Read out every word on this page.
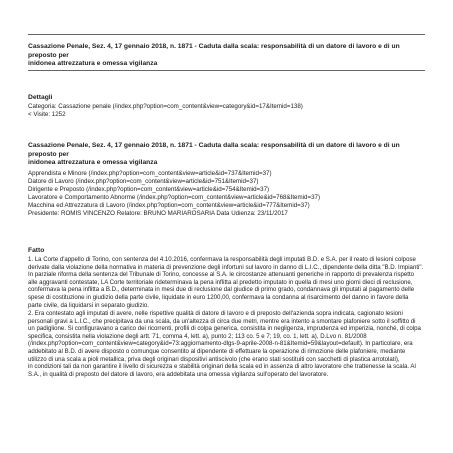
Cassazione Penale, Sez. 4, 17 gennaio 2018, n. 1871 - Caduta dalla scala: responsabilità di un datore di lavoro e di un preposto per
inidonea attrezzatura e omessa vigilanza
Dettagli
Categoria: Cassazione penale (/index.php?option=com_content&view=category&id=17&Itemid=138)
< Visite: 1252
Cassazione Penale, Sez. 4, 17 gennaio 2018, n. 1871 - Caduta dalla scala: responsabilità di un datore di lavoro e di un preposto per
inidonea attrezzatura e omessa vigilanza
Apprendista e Minore (/index.php?option=com_content&view=article&id=737&Itemid=37)
Datore di Lavoro (/index.php?option=com_content&view=article&id=751&Itemid=37)
Dirigente e Preposto (/index.php?option=com_content&view=article&id=754&Itemid=37)
Lavoratore e Comportamento Abnorme (/index.php?option=com_content&view=article&id=768&Itemid=37)
Macchina ed Attrezzatura di Lavoro (/index.php?option=com_content&view=article&id=777&Itemid=37)
Presidente: ROMIS VINCENZO Relatore: BRUNO MARIAROSARIA Data Udienza: 23/11/2017
Fatto
1. La Corte d'appello di Torino, con sentenza del 4.10.2016, confermava la responsabilità degli imputati B.D. e S.A. per il reato di lesioni colpose
derivate dalla violazione della normativa in materia di prevenzione degli infortuni sul lavoro in danno di L.I.C., dipendente della ditta "B.D. Impianti".
In parziale riforma della sentenza del Tribunale di Torino, concesse al S.A. le circostanze attenuanti generiche in rapporto di prevalenza rispetto
alle aggravanti contestate, LA Corte territoriale rideterminava la pena inflitta al predetto imputato in quella di mesi uno giorni dieci di reclusione,
confermava la pena inflitta a B.D., determinata in mesi due di reclusione dal giudice di primo grado, condannava gli imputati al pagamento delle
spese di costituzione in giudizio della parte civile, liquidate in euro 1200,00, confermava la condanna al risarcimento del danno in favore della
parte civile, da liquidarsi in separato giudizio.
2. Era contestato agli imputati di avere, nelle rispettive qualità di datore di lavoro e di preposto dell'azienda sopra indicata, cagionato lesioni
personali gravi a L.I.C., che precipitava da una scala, da un'altezza di circa due metri, mentre era intento a smontare plafoniere sotto il soffitto di
un padiglione. Si configuravano a carico dei ricorrenti, profili di colpa generica, consistita in negligenza, imprudenza ed imperizia, nonché, di colpa
specifica, consistita nella violazione degli artt. 71, comma 4, lett. a), punto 2; 113 co. 5 e 7; 19, co. 1, lett. a), D.Lvo n. 81/2008
(/index.php?option=com_content&view=category&id=73:aggiornamento-dlgs-9-aprile-2008-n-81&Itemid=59&layout=default). In particolare, era
addebitato al B.D. di avere disposto o comunque consentito al dipendente di effettuare la operazione di rimozione delle plafoniere, mediante
utilizzo di una scala a pioli metallica, priva degli originari dispositivi antiscivolo (che erano stati sostituiti con sacchetti di plastica arrotolati),
in condizioni tali da non garantire il livello di sicurezza e stabilità originari della scala ed in assenza di altro lavoratore che trattenesse la scala. Al
S.A., in qualità di preposto del datore di lavoro, era addebitata una omessa vigilanza sull'operato del lavoratore.
